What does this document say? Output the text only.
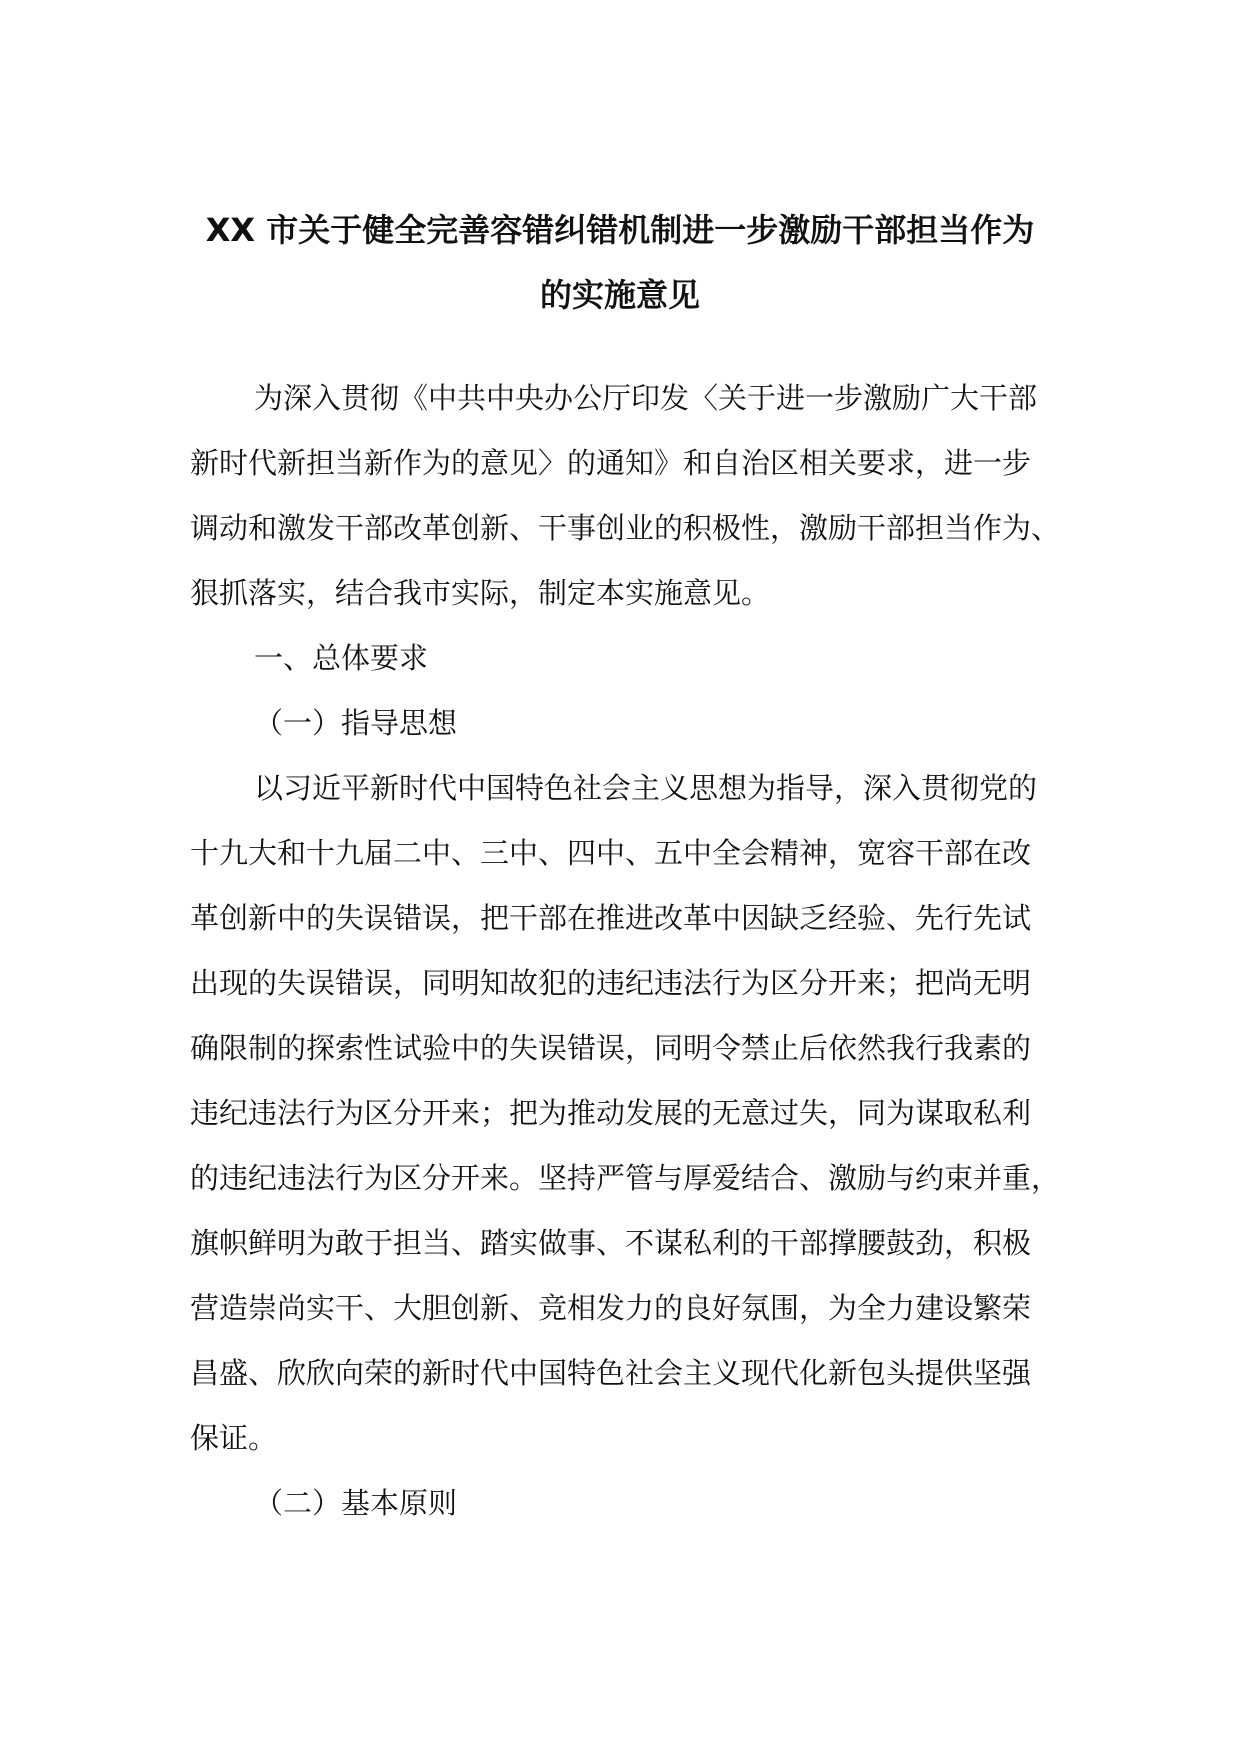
XX 市关于健全完善容错纠错机制进一步激励干部担当作为
的实施意见
为深入贯彻《中共中央办公厅印发〈关于进一步激励广大干部
新时代新担当新作为的意见〉的通知》和自治区相关要求，进一步
调动和激发干部改革创新、干事创业的积极性，激励干部担当作为、
狠抓落实，结合我市实际，制定本实施意见。
一、总体要求
（一）指导思想
以习近平新时代中国特色社会主义思想为指导，深入贯彻党的
十九大和十九届二中、三中、四中、五中全会精神，宽容干部在改
革创新中的失误错误，把干部在推进改革中因缺乏经验、先行先试
出现的失误错误，同明知故犯的违纪违法行为区分开来；把尚无明
确限制的探索性试验中的失误错误，同明令禁止后依然我行我素的
违纪违法行为区分开来；把为推动发展的无意过失，同为谋取私利
的违纪违法行为区分开来。坚持严管与厚爱结合、激励与约束并重，
旗帜鲜明为敢于担当、踏实做事、不谋私利的干部撑腰鼓劲，积极
营造崇尚实干、大胆创新、竞相发力的良好氛围，为全力建设繁荣
昌盛、欣欣向荣的新时代中国特色社会主义现代化新包头提供坚强
保证。
（二）基本原则
